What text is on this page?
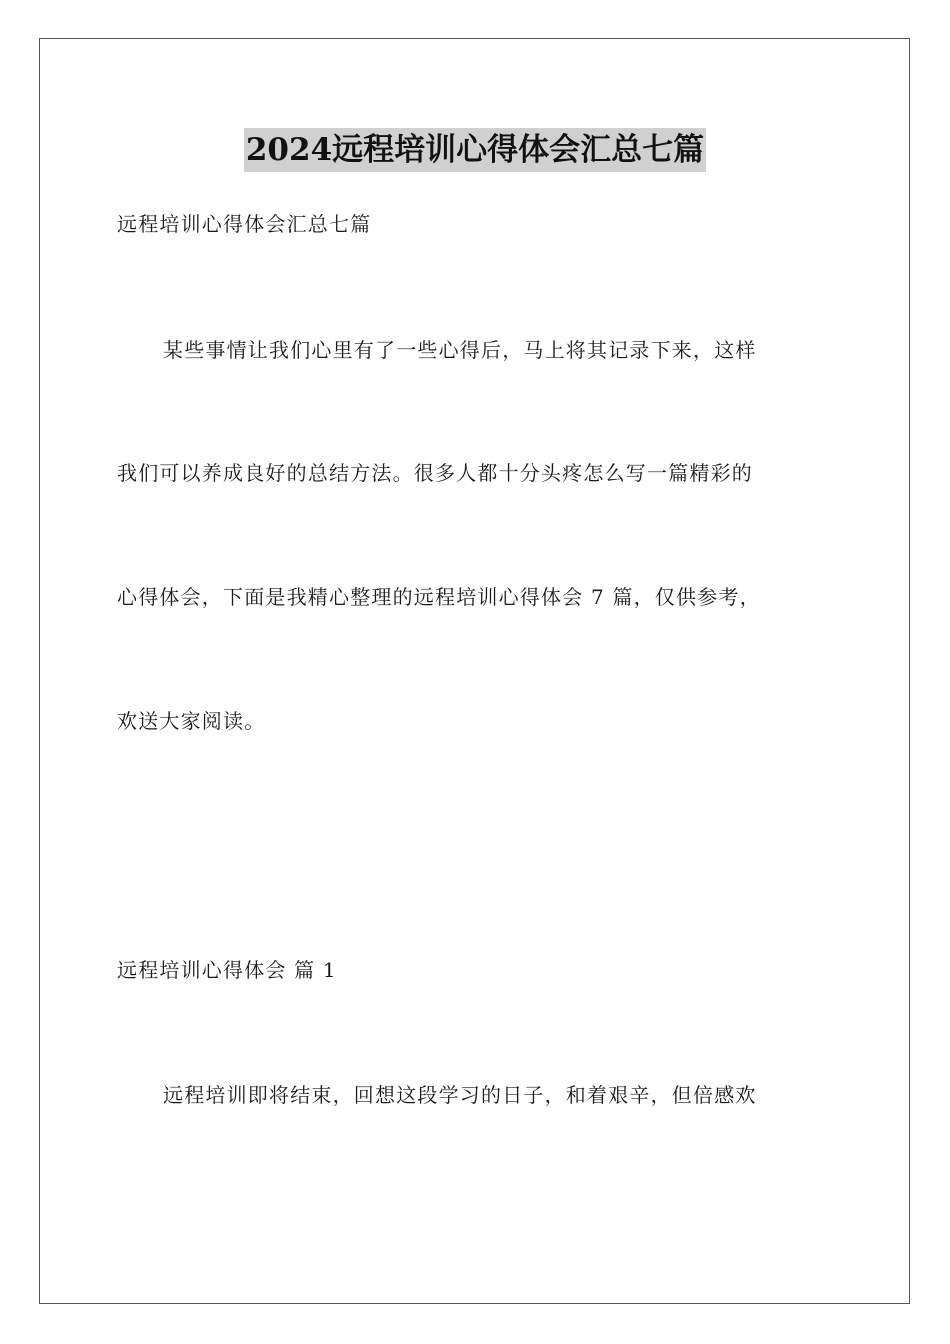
2024远程培训心得体会汇总七篇
远程培训心得体会汇总七篇
某些事情让我们心里有了一些心得后，马上将其记录下来，这样
我们可以养成良好的总结方法。很多人都十分头疼怎么写一篇精彩的
心得体会，下面是我精心整理的远程培训心得体会 7 篇，仅供参考，
欢送大家阅读。
远程培训心得体会 篇 1
远程培训即将结束，回想这段学习的日子，和着艰辛，但倍感欢
